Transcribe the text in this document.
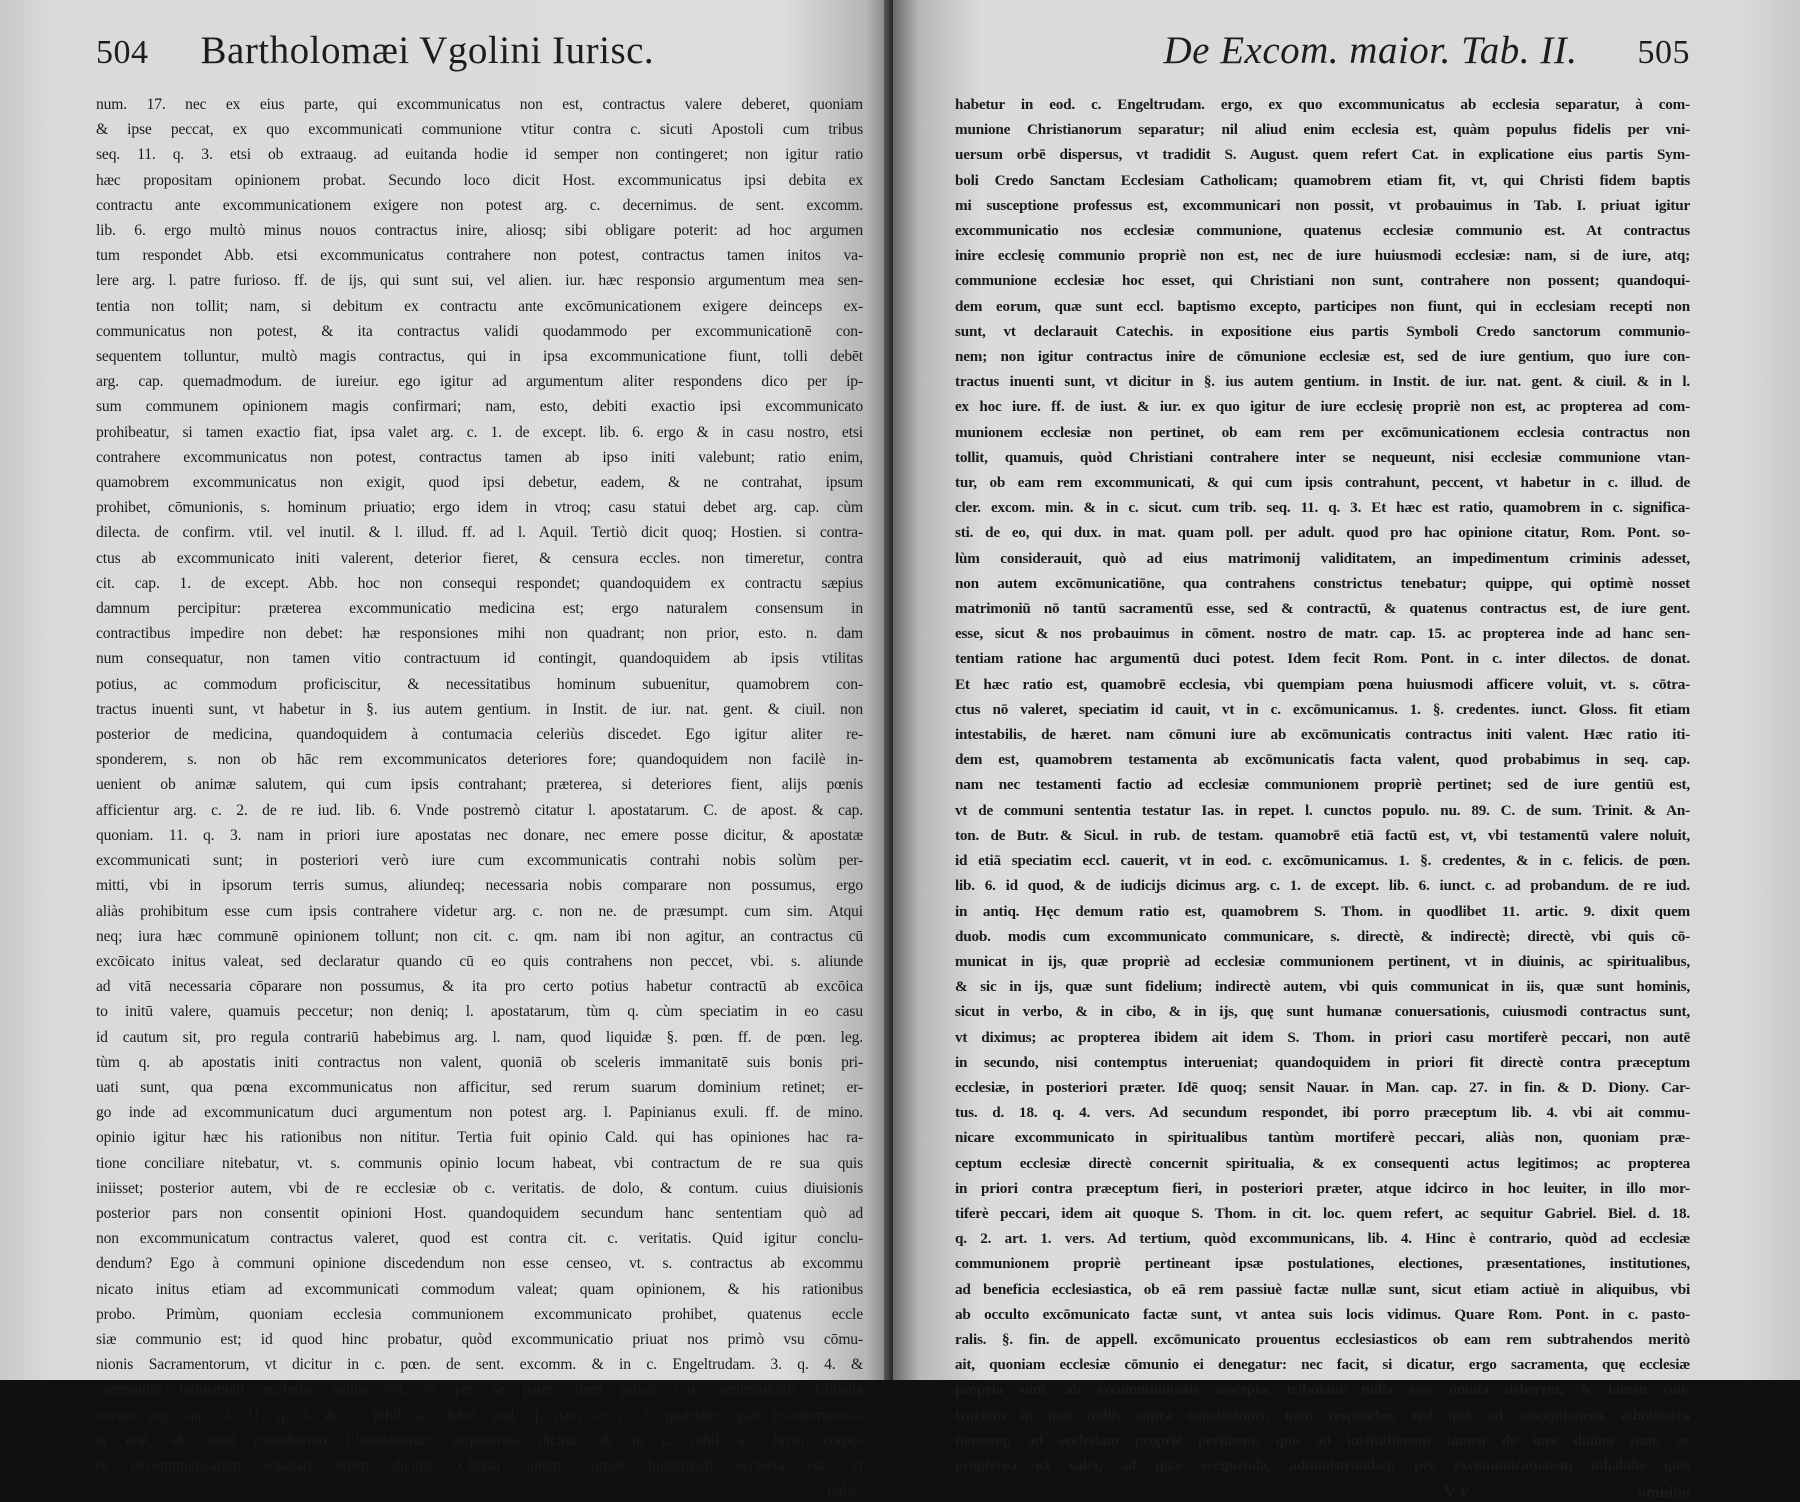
504 Bartholomæi Vgolini Iurisc.
num. 17. nec ex eius parte, qui excommunicatus non est, contractus valere deberet, quoniam
& ipse peccat, ex quo excommunicati communione vtitur contra c. sicuti Apostoli cum tribus
seq. 11. q. 3. etsi ob extraaug. ad euitanda hodie id semper non contingeret; non igitur ratio
hæc propositam opinionem probat. Secundo loco dicit Host. excommunicatus ipsi debita ex
contractu ante excommunicationem exigere non potest arg. c. decernimus. de sent. excomm.
lib. 6. ergo multò minus nouos contractus inire, aliosq; sibi obligare poterit: ad hoc argumen
tum respondet Abb. etsi excommunicatus contrahere non potest, contractus tamen initos va-
lere arg. l. patre furioso. ff. de ijs, qui sunt sui, vel alien. iur. hæc responsio argumentum mea sen-
tentia non tollit; nam, si debitum ex contractu ante excōmunicationem exigere deinceps ex-
communicatus non potest, & ita contractus validi quodammodo per excommunicationē con-
sequentem tolluntur, multò magis contractus, qui in ipsa excommunicatione fiunt, tolli debēt
arg. cap. quemadmodum. de iureiur. ego igitur ad argumentum aliter respondens dico per ip-
sum communem opinionem magis confirmari; nam, esto, debiti exactio ipsi excommunicato
prohibeatur, si tamen exactio fiat, ipsa valet arg. c. 1. de except. lib. 6. ergo & in casu nostro, etsi
contrahere excommunicatus non potest, contractus tamen ab ipso initi valebunt; ratio enim,
quamobrem excommunicatus non exigit, quod ipsi debetur, eadem, & ne contrahat, ipsum
prohibet, cōmunionis, s. hominum priuatio; ergo idem in vtroq; casu statui debet arg. cap. cùm
dilecta. de confirm. vtil. vel inutil. & l. illud. ff. ad l. Aquil. Tertiò dicit quoq; Hostien. si contra-
ctus ab excommunicato initi valerent, deterior fieret, & censura eccles. non timeretur, contra
cit. cap. 1. de except. Abb. hoc non consequi respondet; quandoquidem ex contractu sæpius
damnum percipitur: præterea excommunicatio medicina est; ergo naturalem consensum in
contractibus impedire non debet: hæ responsiones mihi non quadrant; non prior, esto. n. dam
num consequatur, non tamen vitio contractuum id contingit, quandoquidem ab ipsis vtilitas
potius, ac commodum proficiscitur, & necessitatibus hominum subuenitur, quamobrem con-
tractus inuenti sunt, vt habetur in §. ius autem gentium. in Instit. de iur. nat. gent. & ciuil. non
posterior de medicina, quandoquidem à contumacia celeriùs discedet. Ego igitur aliter re-
sponderem, s. non ob hāc rem excommunicatos deteriores fore; quandoquidem non facilè in-
uenient ob animæ salutem, qui cum ipsis contrahant; præterea, si deteriores fient, alijs pœnis
afficientur arg. c. 2. de re iud. lib. 6. Vnde postremò citatur l. apostatarum. C. de apost. & cap.
quoniam. 11. q. 3. nam in priori iure apostatas nec donare, nec emere posse dicitur, & apostatæ
excommunicati sunt; in posteriori verò iure cum excommunicatis contrahi nobis solùm per-
mitti, vbi in ipsorum terris sumus, aliundeq; necessaria nobis comparare non possumus, ergo
aliàs prohibitum esse cum ipsis contrahere videtur arg. c. non ne. de præsumpt. cum sim. Atqui
neq; iura hæc communē opinionem tollunt; non cit. c. qm. nam ibi non agitur, an contractus cū
excōicato initus valeat, sed declaratur quando cū eo quis contrahens non peccet, vbi. s. aliunde
ad vitā necessaria cōparare non possumus, & ita pro certo potius habetur contractū ab excōica
to initū valere, quamuis peccetur; non deniq; l. apostatarum, tùm q. cùm speciatim in eo casu
id cautum sit, pro regula contrariū habebimus arg. l. nam, quod liquidæ §. pœn. ff. de pœn. leg.
tùm q. ab apostatis initi contractus non valent, quoniā ob sceleris immanitatē suis bonis pri-
uati sunt, qua pœna excommunicatus non afficitur, sed rerum suarum dominium retinet; er-
go inde ad excommunicatum duci argumentum non potest arg. l. Papinianus exuli. ff. de mino.
opinio igitur hæc his rationibus non nititur. Tertia fuit opinio Cald. qui has opiniones hac ra-
tione conciliare nitebatur, vt. s. communis opinio locum habeat, vbi contractum de re sua quis
iniisset; posterior autem, vbi de re ecclesiæ ob c. veritatis. de dolo, & contum. cuius diuisionis
posterior pars non consentit opinioni Host. quandoquidem secundum hanc sententiam quò ad
non excommunicatum contractus valeret, quod est contra cit. c. veritatis. Quid igitur conclu-
dendum? Ego à communi opinione discedendum non esse censeo, vt. s. contractus ab excommu
nicato initus etiam ad excommunicati commodum valeat; quam opinionem, & his rationibus
probo. Primùm, quoniam ecclesia communionem excommunicato prohibet, quatenus eccle
siæ communio est; id quod hinc probatur, quòd excommunicatio priuat nos primò vsu cōmu-
nionis Sacramentorum, vt dicitur in c. pœn. de sent. excomm. & in c. Engeltrudam. 3. q. 4. &
communio huiusmodi ecclesiæ solius est, vt per se patet; item priuat vsu communionis Christia
norum arg. cap. 3. 11. q. 3. & c. nihil sic debet. ead. q. nam in c. 3. quædam, quæ excommunica-
ta erat, ab omni contubernio Christianorum sequestrata dicitur; & in c. nihil à Christi corpo-
re excommunicatum separari etiam dicitur, Christi autem corpus huiusmodi ecclesia est, vt
habe-
De Excom. maior. Tab. II.	505
habetur in eod. c. Engeltrudam. ergo, ex quo excommunicatus ab ecclesia separatur, à com-
munione Christianorum separatur; nil aliud enim ecclesia est, quàm populus fidelis per vni-
uersum orbē dispersus, vt tradidit S. August. quem refert Cat. in explicatione eius partis Sym-
boli Credo Sanctam Ecclesiam Catholicam; quamobrem etiam fit, vt, qui Christi fidem baptis
mi susceptione professus est, excommunicari non possit, vt probauimus in Tab. I. priuat igitur
excommunicatio nos ecclesiæ communione, quatenus ecclesiæ communio est. At contractus
inire ecclesię communio propriè non est, nec de iure huiusmodi ecclesiæ: nam, si de iure, atq;
communione ecclesiæ hoc esset, qui Christiani non sunt, contrahere non possent; quandoqui-
dem eorum, quæ sunt eccl. baptismo excepto, participes non fiunt, qui in ecclesiam recepti non
sunt, vt declarauit Catechis. in expositione eius partis Symboli Credo sanctorum communio-
nem; non igitur contractus inire de cōmunione ecclesiæ est, sed de iure gentium, quo iure con-
tractus inuenti sunt, vt dicitur in §. ius autem gentium. in Instit. de iur. nat. gent. & ciuil. & in l.
ex hoc iure. ff. de iust. & iur. ex quo igitur de iure ecclesię propriè non est, ac propterea ad com-
munionem ecclesiæ non pertinet, ob eam rem per excōmunicationem ecclesia contractus non
tollit, quamuis, quòd Christiani contrahere inter se nequeunt, nisi ecclesiæ communione vtan-
tur, ob eam rem excommunicati, & qui cum ipsis contrahunt, peccent, vt habetur in c. illud. de
cler. excom. min. & in c. sicut. cum trib. seq. 11. q. 3. Et hæc est ratio, quamobrem in c. significa-
sti. de eo, qui dux. in mat. quam poll. per adult. quod pro hac opinione citatur, Rom. Pont. so-
lùm considerauit, quò ad eius matrimonij validitatem, an impedimentum criminis adesset,
non autem excōmunicatiōne, qua contrahens constrictus tenebatur; quippe, qui optimè nosset
matrimoniū nō tantū sacramentū esse, sed & contractū, & quatenus contractus est, de iure gent.
esse, sicut & nos probauimus in cōment. nostro de matr. cap. 15. ac propterea inde ad hanc sen-
tentiam ratione hac argumentū duci potest. Idem fecit Rom. Pont. in c. inter dilectos. de donat.
Et hæc ratio est, quamobrē ecclesia, vbi quempiam pœna huiusmodi afficere voluit, vt. s. cōtra-
ctus nō valeret, speciatim id cauit, vt in c. excōmunicamus. 1. §. credentes. iunct. Gloss. fit etiam
intestabilis, de hæret. nam cōmuni iure ab excōmunicatis contractus initi valent. Hæc ratio iti-
dem est, quamobrem testamenta ab excōmunicatis facta valent, quod probabimus in seq. cap.
nam nec testamenti factio ad ecclesiæ communionem propriè pertinet; sed de iure gentiū est,
vt de communi sententia testatur Ias. in repet. l. cunctos populo. nu. 89. C. de sum. Trinit. & An-
ton. de Butr. & Sicul. in rub. de testam. quamobrē etiā factū est, vt, vbi testamentū valere noluit,
id etiā speciatim eccl. cauerit, vt in eod. c. excōmunicamus. 1. §. credentes, & in c. felicis. de pœn.
lib. 6. id quod, & de iudicijs dicimus arg. c. 1. de except. lib. 6. iunct. c. ad probandum. de re iud.
in antiq. Hęc demum ratio est, quamobrem S. Thom. in quodlibet 11. artic. 9. dixit quem
duob. modis cum excommunicato communicare, s. directè, & indirectè; directè, vbi quis cō-
municat in ijs, quæ propriè ad ecclesiæ communionem pertinent, vt in diuinis, ac spiritualibus,
& sic in ijs, quæ sunt fidelium; indirectè autem, vbi quis communicat in iis, quæ sunt hominis,
sicut in verbo, & in cibo, & in ijs, quę sunt humanæ conuersationis, cuiusmodi contractus sunt,
vt diximus; ac propterea ibidem ait idem S. Thom. in priori casu mortiferè peccari, non autē
in secundo, nisi contemptus interueniat; quandoquidem in priori fit directè contra præceptum
ecclesiæ, in posteriori præter. Idē quoq; sensit Nauar. in Man. cap. 27. in fin. & D. Diony. Car-
tus. d. 18. q. 4. vers. Ad secundum respondet, ibi porro præceptum lib. 4. vbi ait commu-
nicare excommunicato in spiritualibus tantùm mortiferè peccari, aliàs non, quoniam præ-
ceptum ecclesiæ directè concernit spiritualia, & ex consequenti actus legitimos; ac propterea
in priori contra præceptum fieri, in posteriori præter, atque idcirco in hoc leuiter, in illo mor-
tiferè peccari, idem ait quoque S. Thom. in cit. loc. quem refert, ac sequitur Gabriel. Biel. d. 18.
q. 2. art. 1. vers. Ad tertium, quòd excommunicans, lib. 4. Hinc è contrario, quòd ad ecclesiæ
communionem propriè pertineant ipsæ postulationes, electiones, præsentationes, institutiones,
ad beneficia ecclesiastica, ob eā rem passiuè factæ nullæ sunt, sicut etiam actiuè in aliquibus, vbi
ab occulto excōmunicato factæ sunt, vt antea suis locis vidimus. Quare Rom. Pont. in c. pasto-
ralis. §. fin. de appell. excōmunicato prouentus ecclesiasticos ob eam rem subtrahendos meritò
ait, quoniam ecclesiæ cōmunio ei denegatur: nec facit, si dicatur, ergo sacramenta, quę ecclesiæ
propria sunt, ab excommunicatis suscepta, tributaue nulla esse omnia deberent, & tamen con-
trarium in non nullis supra conclusimus; nam respondeo, etsi quò ad susceptionem, administra
tionemq; ad ecclesiam propriè pertinent, quò ad institutionem tamen de iure diuino sunt, ac
propterea eā valēt, ad quæ recipienda, administrandaq; per excōmunicationem inhabilis quis
V v	omnino
